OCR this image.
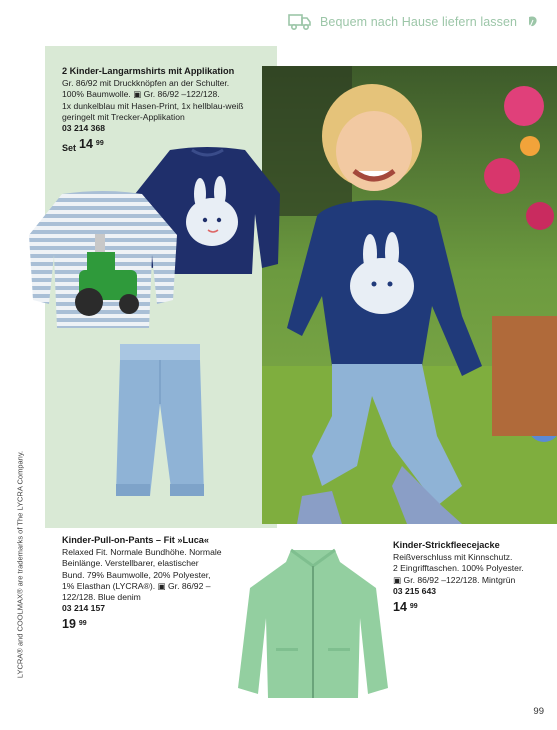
Bequem nach Hause liefern lassen
2 Kinder-Langarmshirts mit Applikation
Gr. 86/92 mit Druckknöpfen an der Schulter.
100% Baumwolle. ▣ Gr. 86/92 –122/128.
1x dunkelblau mit Hasen-Print, 1x hellblau-weiß
geringelt mit Trecker-Applikation
03 214 368
Set 14 99
Kinder-Pull-on-Pants – Fit »Luca«
Relaxed Fit. Normale Bundhöhe. Normale
Beinlänge. Verstellbarer, elastischer
Bund. 79% Baumwolle, 20% Polyester,
1% Elasthan (LYCRA®). ▣ Gr. 86/92 –
122/128. Blue denim
03 214 157
19 99
Kinder-Strickfleecejacke
Reißverschluss mit Kinnschutz.
2 Eingrifftaschen. 100% Polyester.
▣ Gr. 86/92 –122/128. Mintgrün
03 215 643
14 99
LYCRA® and COOLMAX® are trademarks of The LYCRA Company.
99
